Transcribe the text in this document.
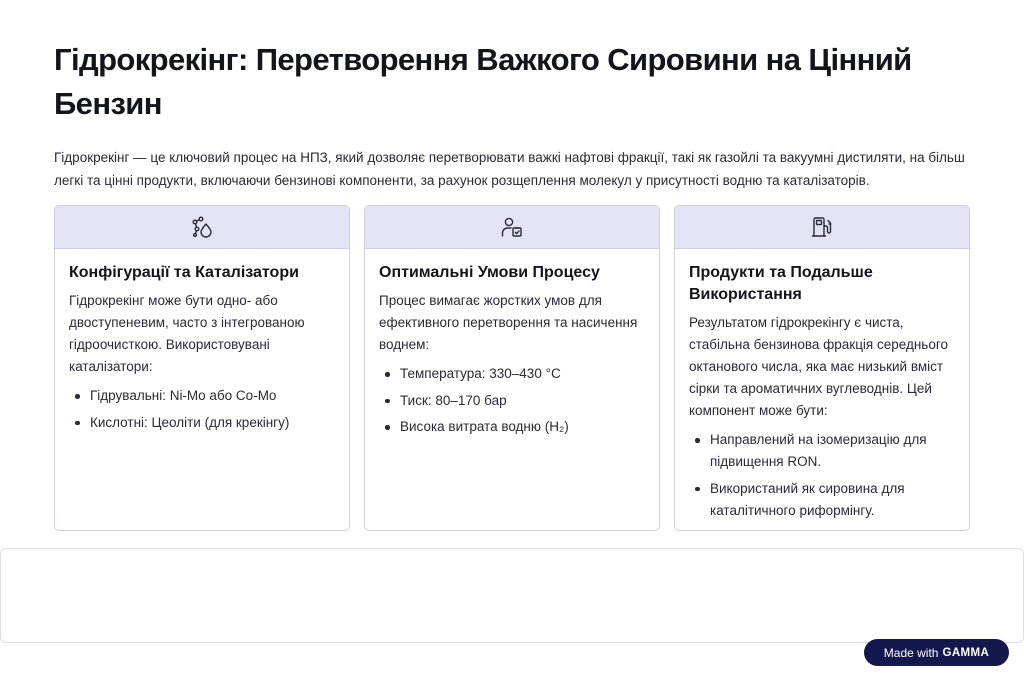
Гідрокрекінг: Перетворення Важкого Сировини на Цінний Бензин

Гідрокрекінг — це ключовий процес на НПЗ, який дозволяє перетворювати важкі нафтові фракції, такі як газойлі та вакуумні дистиляти, на більш легкі та цінні продукти, включаючи бензинові компоненти, за рахунок розщеплення молекул у присутності водню та каталізаторів.

Конфігурації та Каталізатори

Гідрокрекінг може бути одно- або двоступеневим, часто з інтегрованою гідроочисткою. Використовувані каталізатори:

Гідрувальні: Ni-Mo або Co-Mo
Кислотні: Цеоліти (для крекінгу)
Оптимальні Умови Процесу

Процес вимагає жорстких умов для ефективного перетворення та насичення воднем:

Температура: 330–430 °C
Тиск: 80–170 бар
Висока витрата водню (H₂)
Продукти та Подальше Використання

Результатом гідрокрекінгу є чиста, стабільна бензинова фракція середнього октанового числа, яка має низький вміст сірки та ароматичних вуглеводнів. Цей компонент може бути:

Направлений на ізомеризацію для підвищення RON.
Використаний як сировина для каталітичного риформінгу.
Made with GAMMA
